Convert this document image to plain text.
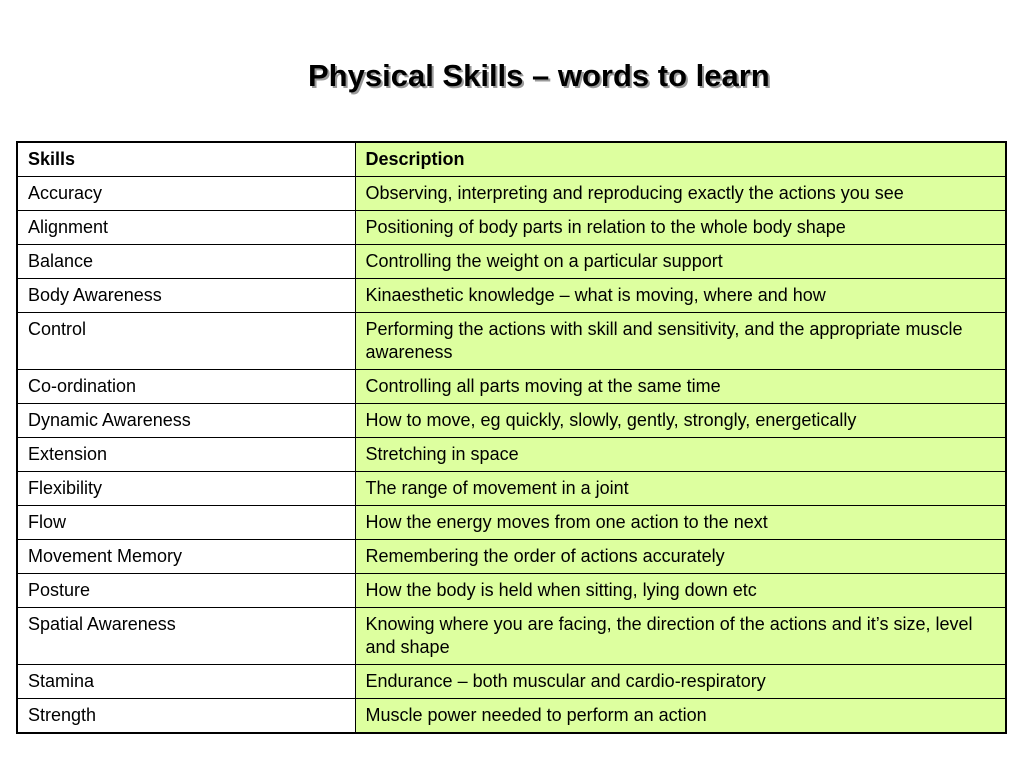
Physical Skills – words to learn
Skills	Description
Accuracy	Observing, interpreting and reproducing exactly the actions you see
Alignment	Positioning of body parts in relation to the whole body shape
Balance	Controlling the weight on a particular support
Body Awareness	Kinaesthetic knowledge – what is moving, where and how
Control	Performing the actions with skill and sensitivity, and the appropriate muscle awareness
Co-ordination	Controlling all parts moving at the same time
Dynamic Awareness	How to move, eg quickly, slowly, gently, strongly, energetically
Extension	Stretching in space
Flexibility	The range of movement in a joint
Flow	How the energy moves from one action to the next
Movement Memory	Remembering the order of actions accurately
Posture	How the body is held when sitting, lying down etc
Spatial Awareness	Knowing where you are facing, the direction of the actions and it’s size, level and shape
Stamina	Endurance – both muscular and cardio-respiratory
Strength	Muscle power needed to perform an action
